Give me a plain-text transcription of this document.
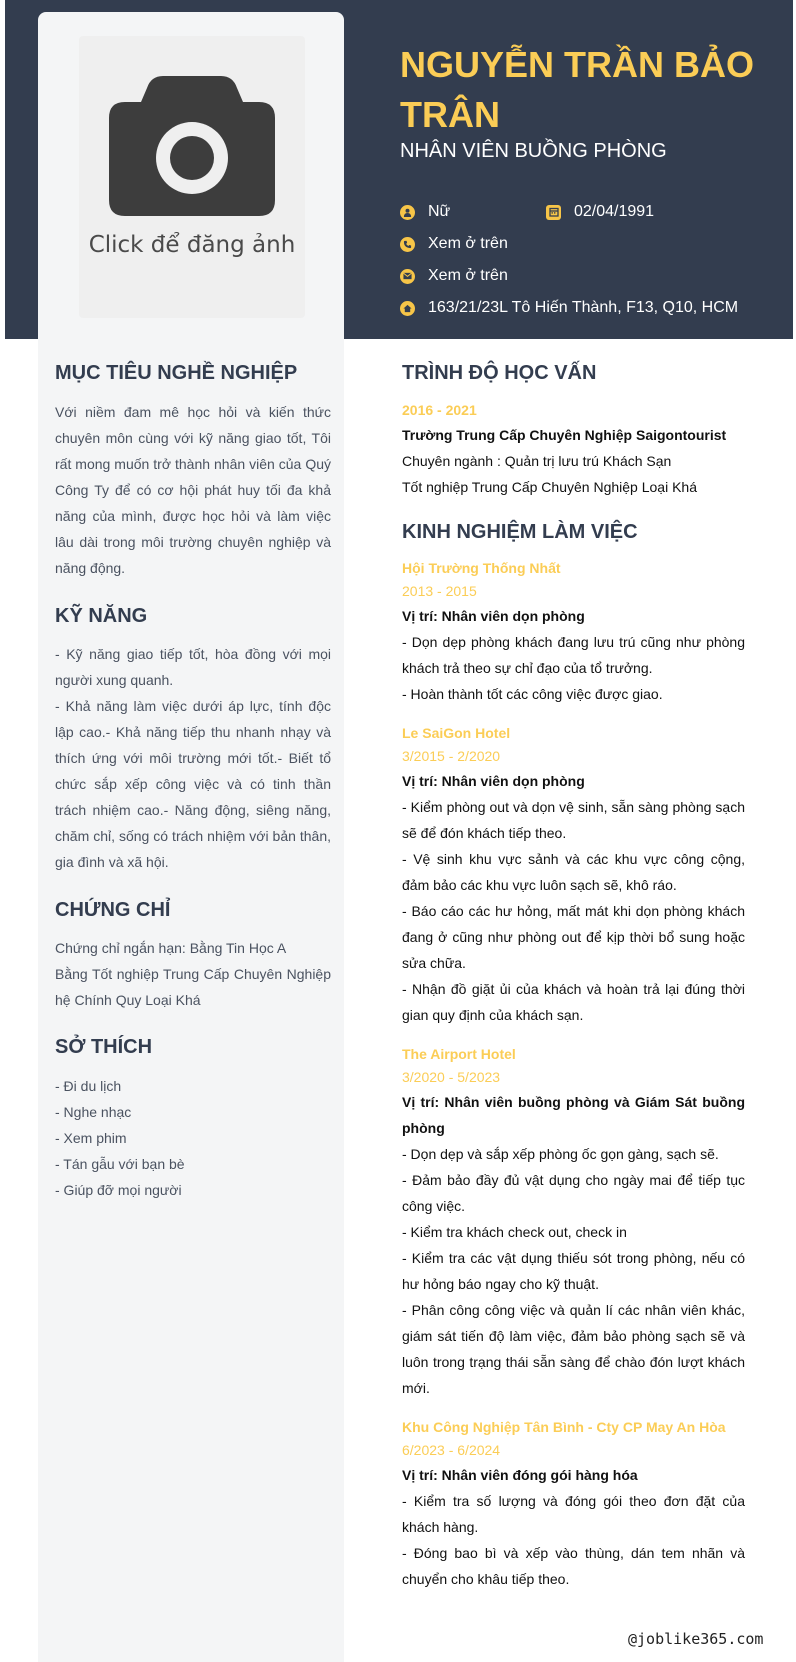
Click để đăng ảnh
NGUYỄN TRẦN BẢO TRÂN
NHÂN VIÊN BUỒNG PHÒNG
Nữ	02/04/1991
Xem ở trên
Xem ở trên
163/21/23L Tô Hiến Thành, F13, Q10, HCM
MỤC TIÊU NGHỀ NGHIỆP

Với niềm đam mê học hỏi và kiến thức chuyên môn cùng với kỹ năng giao tốt, Tôi rất mong muốn trở thành nhân viên của Quý Công Ty để có cơ hội phát huy tối đa khả năng của mình, được học hỏi và làm việc lâu dài trong môi trường chuyên nghiệp và năng động.

KỸ NĂNG

- Kỹ năng giao tiếp tốt, hòa đồng với mọi người xung quanh.

- Khả năng làm việc dưới áp lực, tính độc lập cao.- Khả năng tiếp thu nhanh nhạy và thích ứng với môi trường mới tốt.- Biết tổ chức sắp xếp công việc và có tinh thần trách nhiệm cao.- Năng động, siêng năng, chăm chỉ, sống có trách nhiệm với bản thân, gia đình và xã hội.

CHỨNG CHỈ

Chứng chỉ ngắn hạn: Bằng Tin Học A

Bằng Tốt nghiệp Trung Cấp Chuyên Nghiệp hệ Chính Quy Loại Khá

SỞ THÍCH

- Đi du lịch

- Nghe nhạc

- Xem phim

- Tán gẫu với bạn bè

- Giúp đỡ mọi người

TRÌNH ĐỘ HỌC VẤN

2016 - 2021

Trường Trung Cấp Chuyên Nghiệp Saigontourist

Chuyên ngành : Quản trị lưu trú Khách Sạn

Tốt nghiệp Trung Cấp Chuyên Nghiệp Loại Khá

KINH NGHIỆM LÀM VIỆC

Hội Trường Thống Nhất

2013 - 2015

Vị trí: Nhân viên dọn phòng

- Dọn dẹp phòng khách đang lưu trú cũng như phòng khách trả theo sự chỉ đạo của tổ trưởng.

- Hoàn thành tốt các công việc được giao.

Le SaiGon Hotel

3/2015 - 2/2020

Vị trí: Nhân viên dọn phòng

- Kiểm phòng out và dọn vệ sinh, sẵn sàng phòng sạch sẽ để đón khách tiếp theo.

- Vệ sinh khu vực sảnh và các khu vực công cộng, đảm bảo các khu vực luôn sạch sẽ, khô ráo.

- Báo cáo các hư hỏng, mất mát khi dọn phòng khách đang ở cũng như phòng out để kịp thời bổ sung hoặc sửa chữa.

- Nhận đồ giặt ủi của khách và hoàn trả lại đúng thời gian quy định của khách sạn.

The Airport Hotel

3/2020 - 5/2023

Vị trí: Nhân viên buồng phòng và Giám Sát buồng phòng

- Dọn dẹp và sắp xếp phòng ốc gọn gàng, sạch sẽ.

- Đảm bảo đầy đủ vật dụng cho ngày mai để tiếp tục công việc.

- Kiểm tra khách check out, check in

- Kiểm tra các vật dụng thiếu sót trong phòng, nếu có hư hỏng báo ngay cho kỹ thuật.

- Phân công công việc và quản lí các nhân viên khác, giám sát tiến độ làm việc, đảm bảo phòng sạch sẽ và luôn trong trạng thái sẵn sàng để chào đón lượt khách mới.

Khu Công Nghiệp Tân Bình - Cty CP May An Hòa

6/2023 - 6/2024

Vị trí: Nhân viên đóng gói hàng hóa

- Kiểm tra số lượng và đóng gói theo đơn đặt của khách hàng.

- Đóng bao bì và xếp vào thùng, dán tem nhãn và chuyển cho khâu tiếp theo.

@joblike365.com
